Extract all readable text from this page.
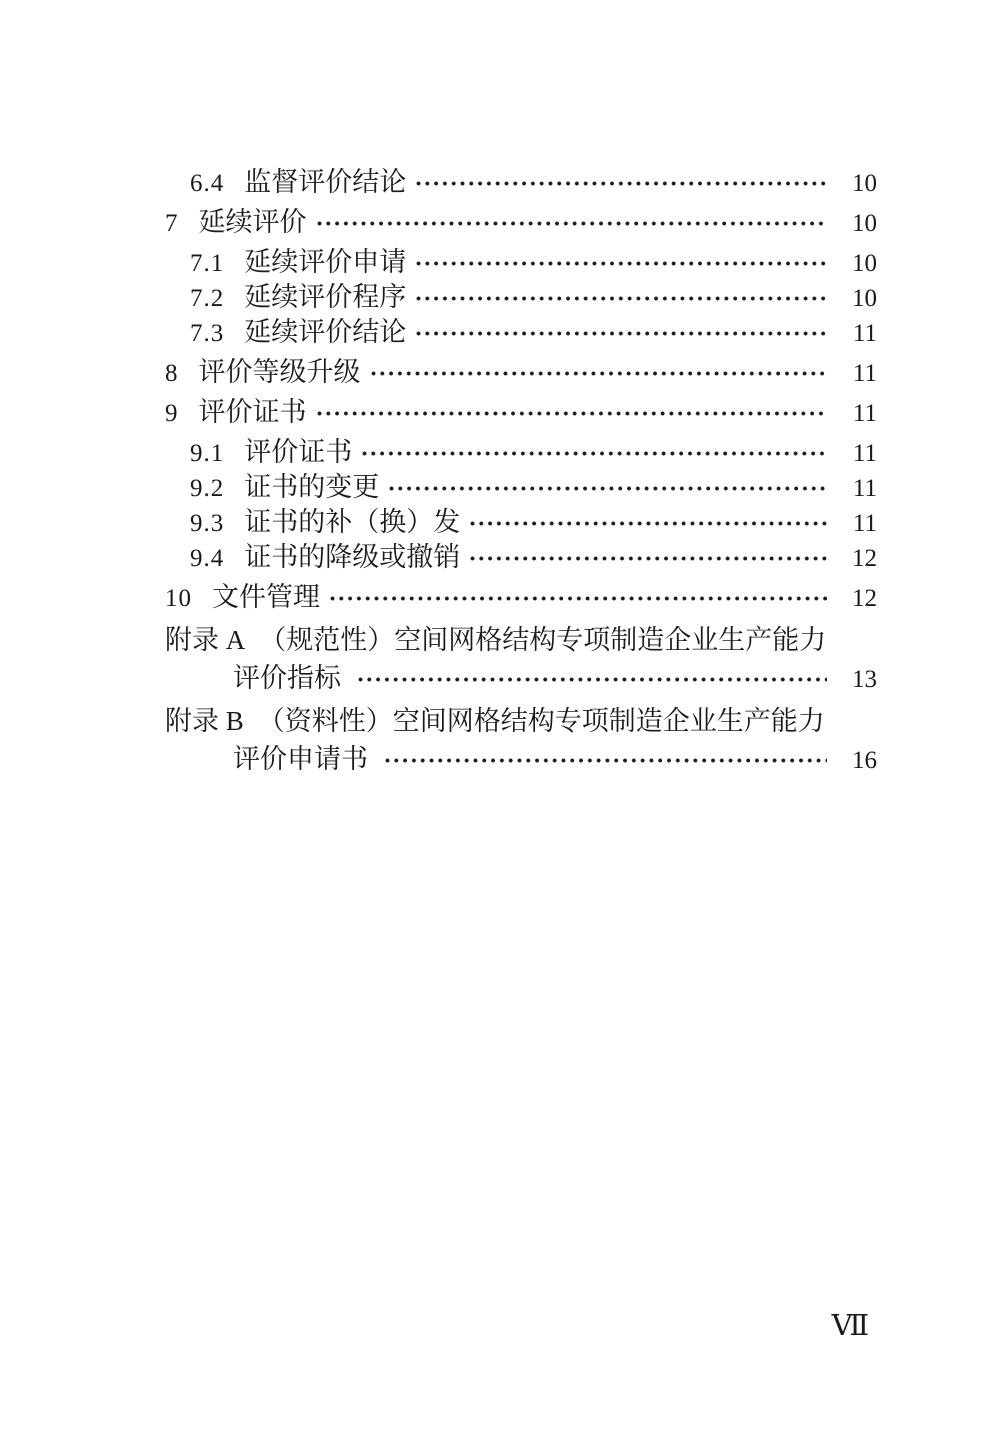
6.4 监督评价结论	10
7 延续评价	10
7.1 延续评价申请	10
7.2 延续评价程序	10
7.3 延续评价结论	11
8 评价等级升级	11
9 评价证书	11
9.1 评价证书	11
9.2 证书的变更	11
9.3 证书的补（换）发	11
9.4 证书的降级或撤销	12
10 文件管理	12
附录 A （规范性）空间网格结构专项制造企业生产能力
评价指标	13
附录 B （资料性）空间网格结构专项制造企业生产能力
评价申请书	16
Ⅶ
